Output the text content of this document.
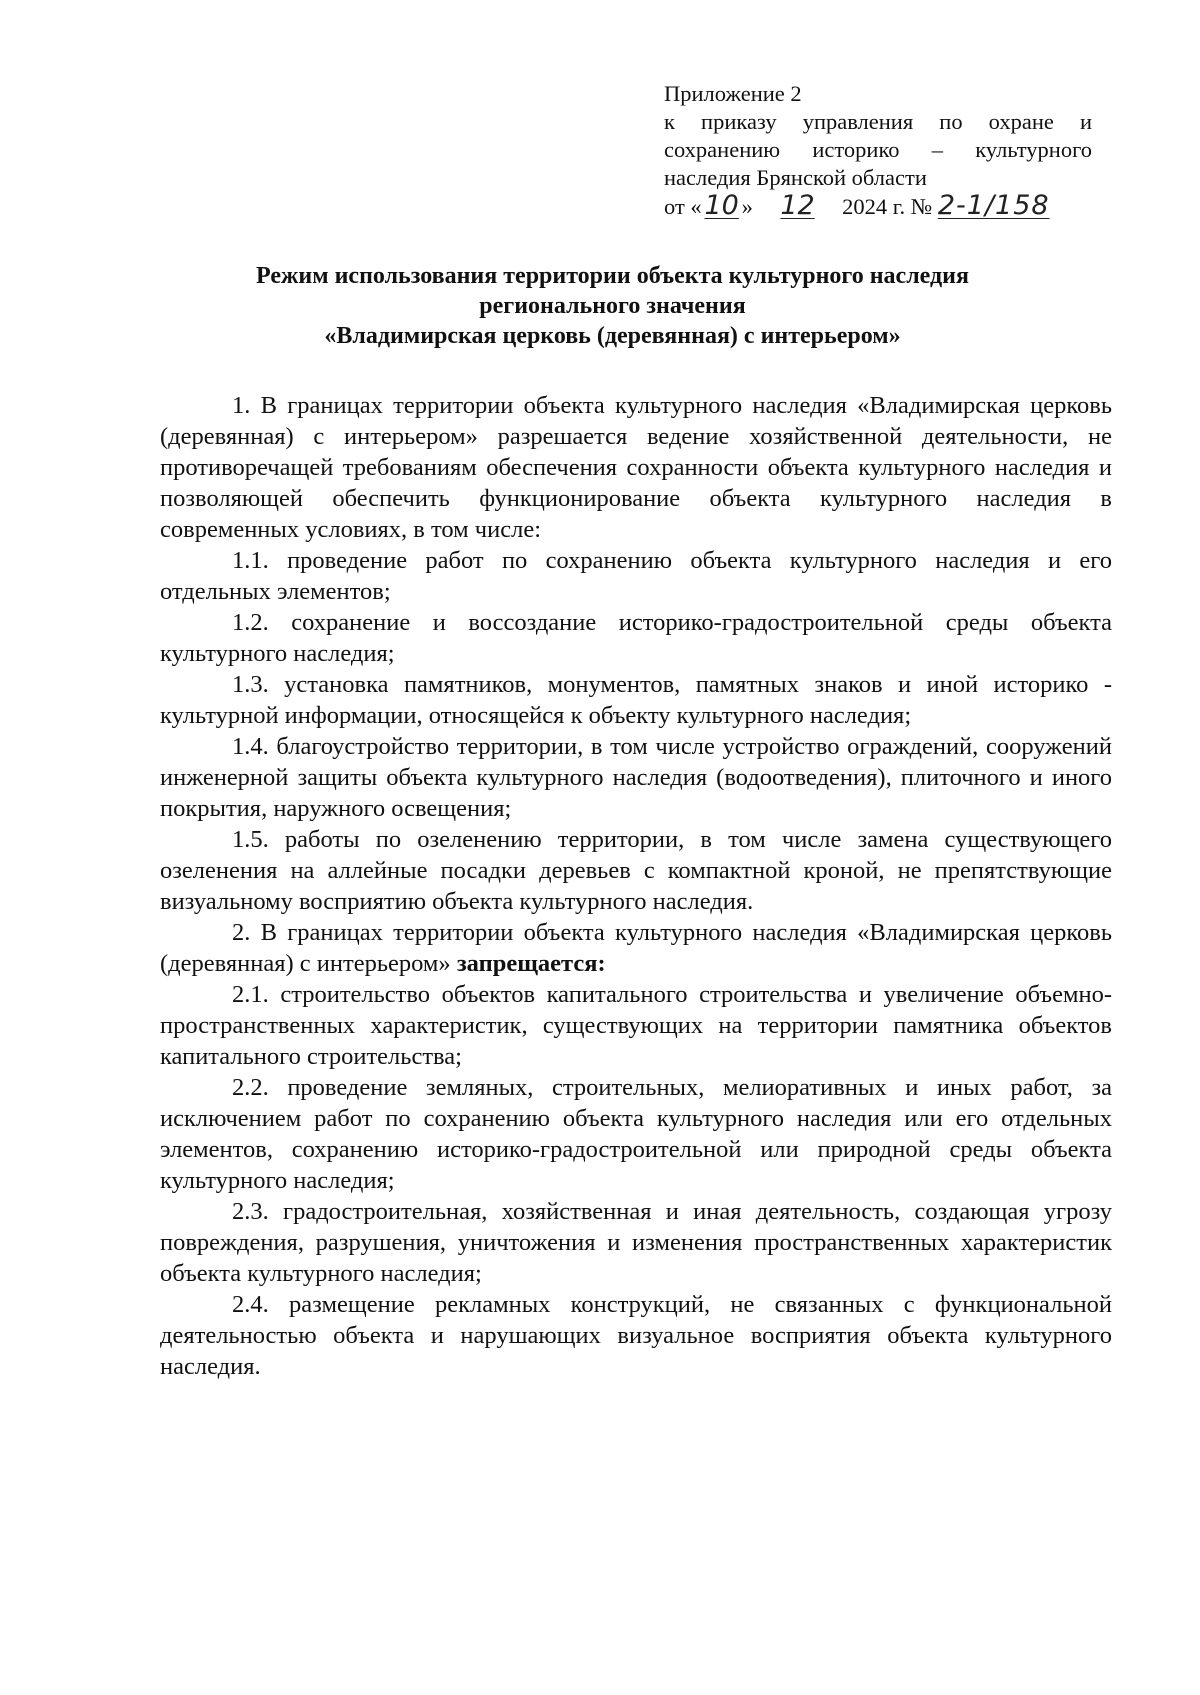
Приложение 2
к приказу управления по охране и
сохранению историко – культурного
наследия Брянской области
от « 10 » 12 2024 г. № 2-1/158
Режим использования территории объекта культурного наследия
регионального значения
«Владимирская церковь (деревянная) с интерьером»

1. В границах территории объекта культурного наследия «Владимирская церковь (деревянная) с интерьером» разрешается ведение хозяйственной деятельности, не противоречащей требованиям обеспечения сохранности объекта культурного наследия и позволяющей обеспечить функционирование объекта культурного наследия в современных условиях, в том числе:

1.1. проведение работ по сохранению объекта культурного наследия и его отдельных элементов;

1.2. сохранение и воссоздание историко-градостроительной среды объекта культурного наследия;

1.3. установка памятников, монументов, памятных знаков и иной историко - культурной информации, относящейся к объекту культурного наследия;

1.4. благоустройство территории, в том числе устройство ограждений, сооружений инженерной защиты объекта культурного наследия (водоотведения), плиточного и иного покрытия, наружного освещения;

1.5. работы по озеленению территории, в том числе замена существующего озеленения на аллейные посадки деревьев с компактной кроной, не препятствующие визуальному восприятию объекта культурного наследия.

2. В границах территории объекта культурного наследия «Владимирская церковь (деревянная) с интерьером» запрещается:

2.1. строительство объектов капитального строительства и увеличение объемно-пространственных характеристик, существующих на территории памятника объектов капитального строительства;

2.2. проведение земляных, строительных, мелиоративных и иных работ, за исключением работ по сохранению объекта культурного наследия или его отдельных элементов, сохранению историко-градостроительной или природной среды объекта культурного наследия;

2.3. градостроительная, хозяйственная и иная деятельность, создающая угрозу повреждения, разрушения, уничтожения и изменения пространственных характеристик объекта культурного наследия;

2.4. размещение рекламных конструкций, не связанных с функциональной деятельностью объекта и нарушающих визуальное восприятия объекта культурного наследия.
